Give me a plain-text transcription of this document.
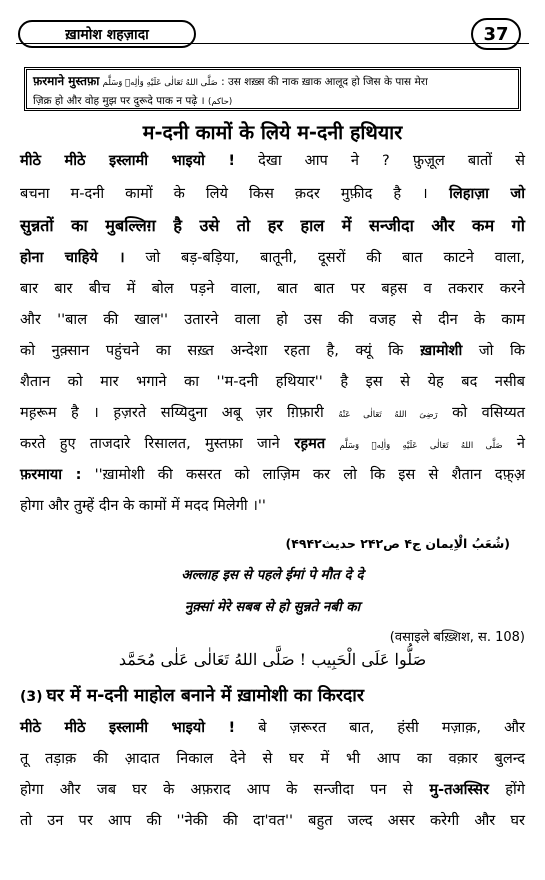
ख़ामोश शहज़ादा	37
फ़रमाने मुस्तफ़ा صَلَّى اللهُ تَعَالٰى عَلَيْهِ وَاٰلِهٖ وَسَلَّم : उस शख़्स की नाक ख़ाक आलूद हो जिस के पास मेरा
ज़िक्र हो और वोह मुझ पर दुरूदे पाक न पढ़े । (حاکم)
म-दनी कामों के लिये म-दनी हथियार
मीठे मीठे इस्लामी भाइयो ! देखा आप ने ? फ़ुज़ूल बातों से
बचना म-दनी कामों के लिये किस क़दर मुफ़ीद है । लिहाज़ा जो
सुन्नतों का मुबल्लिग़ है उसे तो हर हाल में सन्जीदा और कम गो
होना चाहिये । जो बड़-बड़िया, बातूनी, दूसरों की बात काटने वाला,
बार बार बीच में बोल पड़ने वाला, बात बात पर बह़स व तकरार करने
और ''बाल की खाल'' उतारने वाला हो उस की वजह से दीन के काम
को नुक़्सान पहुंचने का सख़्त अन्देशा रहता है, क्यूं कि ख़ामोशी जो कि
शैतान को मार भगाने का ''म-दनी हथियार'' है इस से येह बद नसीब
मह़रूम है । ह़ज़रते सय्यिदुना अबू ज़र ग़िफ़ारी رَضِیَ اللهُ تَعَالٰی عَنْهُ को वसिय्यत
करते हुए ताजदारे रिसालत, मुस्तफ़ा जाने रह़मत صَلَّى اللهُ تَعَالٰى عَلَيْهِ وَاٰلِهٖ وَسَلَّم ने
फ़रमाया : ''ख़ामोशी की कसरत को लाज़िम कर लो कि इस से शैतान दफ़्अ़
होगा और तुम्हें दीन के कामों में मदद मिलेगी ।''
(شُعَبُ الْاِیمان ج۴ ص۲۴۲ حدیث۴۹۴۲)
अल्लाह इस से पहले ईमां पे मौत दे दे
नुक़्सां मेरे सबब से हो सुन्नते नबी का
(वसाइले बख़्शिश, स. 108)
صَلُّوا عَلَی الْحَبِیب ! صَلَّی اللهُ تَعَالٰی عَلٰی مُحَمَّد
(3) घर में म-दनी माहोल बनाने में ख़ामोशी का किरदार
मीठे मीठे इस्लामी भाइयो ! बे ज़रूरत बात, हंसी मज़ाक़, और
तू तड़ाक़ की आ़दात निकाल देने से घर में भी आप का वक़ार बुलन्द
होगा और जब घर के अफ़राद आप के सन्जीदा पन से मु-तअस्सिर होंगे
तो उन पर आप की ''नेकी की दा'वत'' बहुत जल्द असर करेगी और घर
